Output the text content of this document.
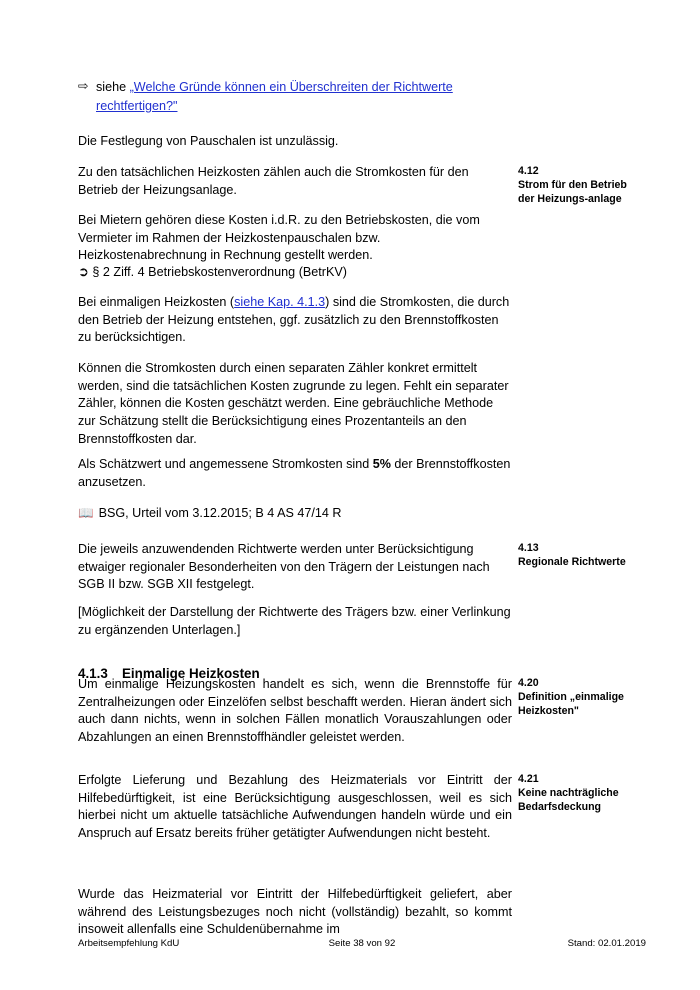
⇨ siehe „Welche Gründe können ein Überschreiten der Richtwerte
rechtfertigen?"

Die Festlegung von Pauschalen ist unzulässig.

Zu den tatsächlichen Heizkosten zählen auch die Stromkosten für den Betrieb der Heizungsanlage.

Bei Mietern gehören diese Kosten i.d.R. zu den Betriebskosten, die vom Vermieter im Rahmen der Heizkostenpauschalen bzw. Heizkostenabrechnung in Rechnung gestellt werden.

➲ § 2 Ziff. 4 Betriebskostenverordnung (BetrKV)

Bei einmaligen Heizkosten (siehe Kap. 4.1.3) sind die Stromkosten, die durch den Betrieb der Heizung entstehen, ggf. zusätzlich zu den Brennstoffkosten zu berücksichtigen.

Können die Stromkosten durch einen separaten Zähler konkret ermittelt werden, sind die tatsächlichen Kosten zugrunde zu legen. Fehlt ein separater Zähler, können die Kosten geschätzt werden. Eine gebräuchliche Methode zur Schätzung stellt die Berücksichtigung eines Prozentanteils an den Brennstoffkosten dar.

Als Schätzwert und angemessene Stromkosten sind 5% der Brennstoffkosten anzusetzen.

📖 BSG, Urteil vom 3.12.2015; B 4 AS 47/14 R

Die jeweils anzuwendenden Richtwerte werden unter Berücksichtigung etwaiger regionaler Besonderheiten von den Trägern der Leistungen nach SGB II bzw. SGB XII festgelegt.

[Möglichkeit der Darstellung der Richtwerte des Trägers bzw. einer Verlinkung zu ergänzenden Unterlagen.]

4.1.3 Einmalige Heizkosten

Um einmalige Heizungskosten handelt es sich, wenn die Brennstoffe für Zentralheizungen oder Einzelöfen selbst beschafft werden. Hieran ändert sich auch dann nichts, wenn in solchen Fällen monatlich Vorauszahlungen oder Abzahlungen an einen Brennstoffhändler geleistet werden.

Erfolgte Lieferung und Bezahlung des Heizmaterials vor Eintritt der Hilfebedürftigkeit, ist eine Berücksichtigung ausgeschlossen, weil es sich hierbei nicht um aktuelle tatsächliche Aufwendungen handeln würde und ein Anspruch auf Ersatz bereits früher getätigter Aufwendungen nicht besteht.

Wurde das Heizmaterial vor Eintritt der Hilfebedürftigkeit geliefert, aber während des Leistungsbezuges noch nicht (vollständig) bezahlt, so kommt insoweit allenfalls eine Schuldenübernahme im

4.12
Strom für den Betrieb der Heizungs-anlage
4.13
Regionale Richtwerte
4.20
Definition „einmalige Heizkosten"
4.21
Keine nachträgliche Bedarfsdeckung
Arbeitsempfehlung KdU	Seite 38 von 92	Stand: 02.01.2019
